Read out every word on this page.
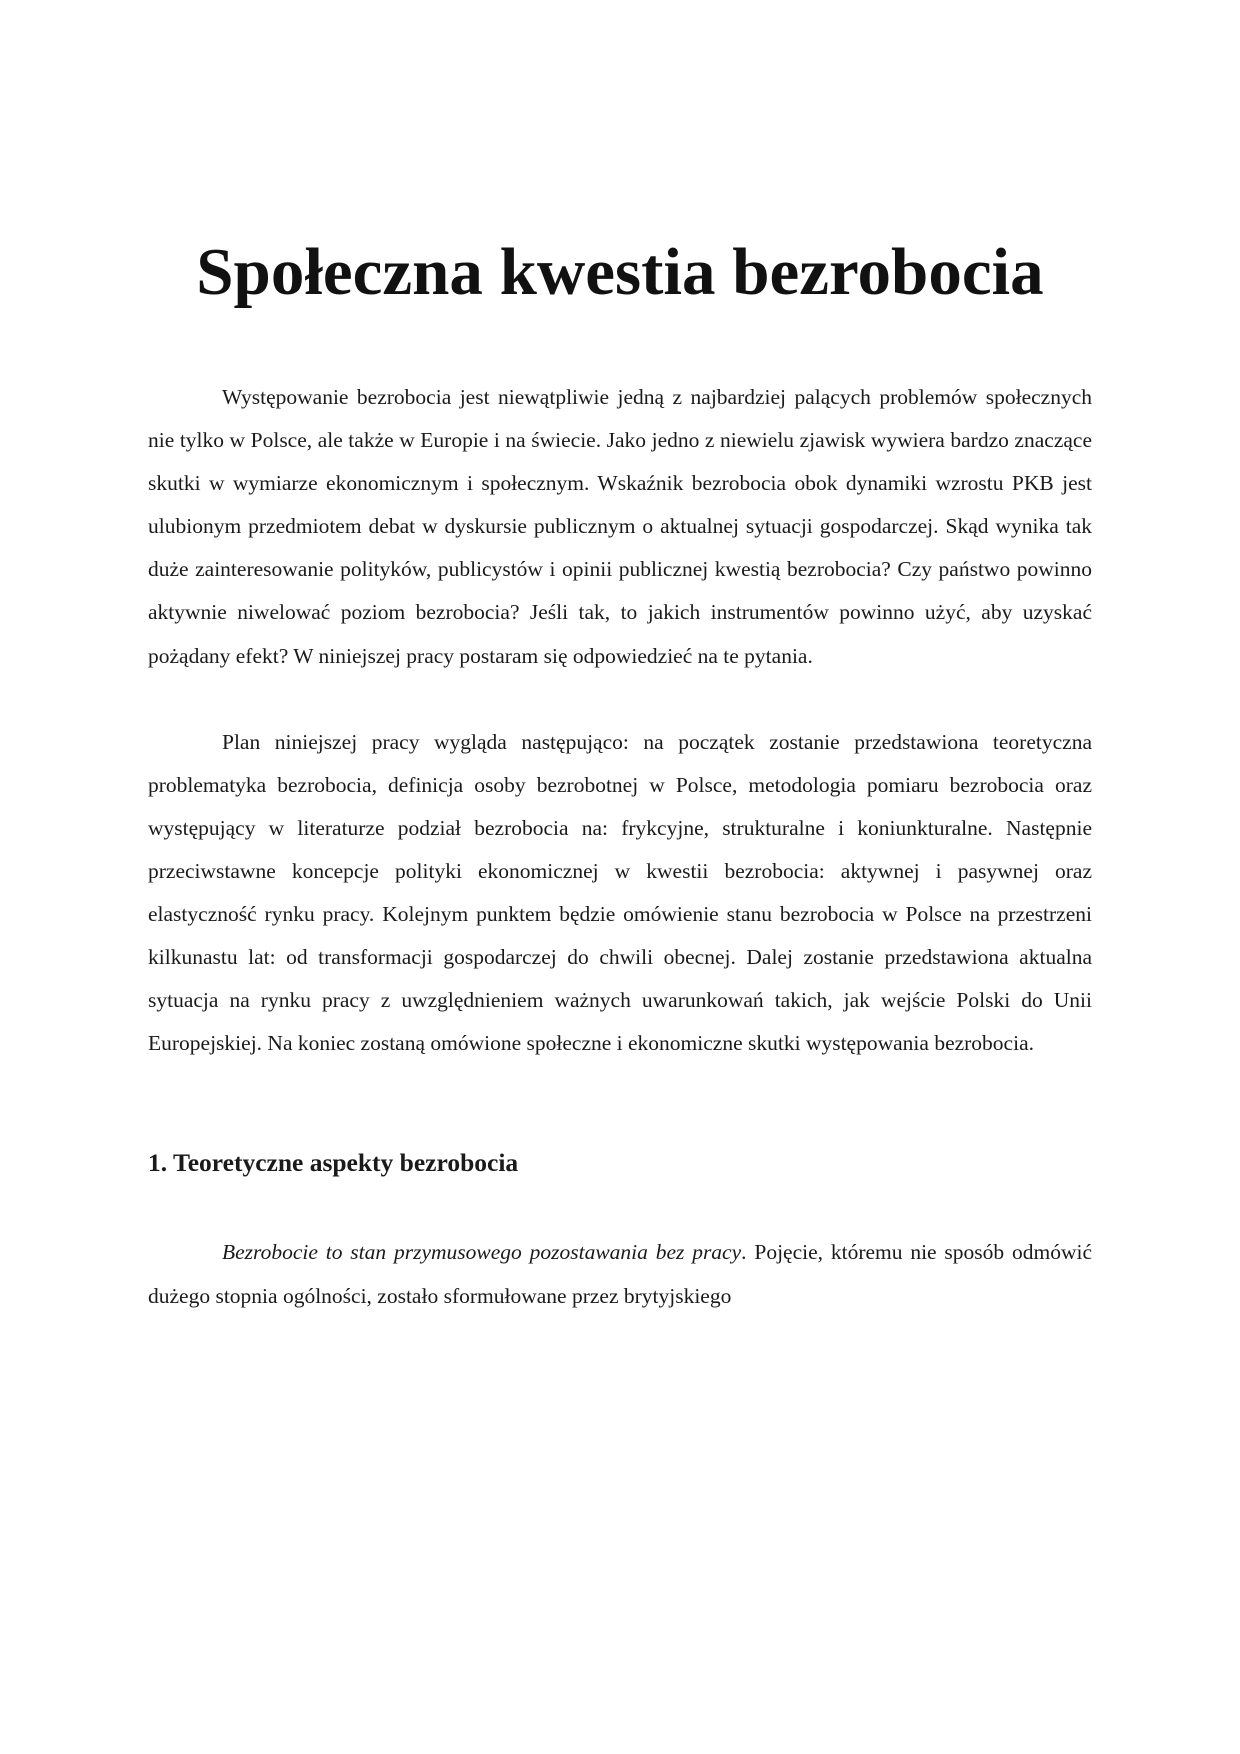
Społeczna kwestia bezrobocia

Występowanie bezrobocia jest niewątpliwie jedną z najbardziej palących problemów społecznych nie tylko w Polsce, ale także w Europie i na świecie. Jako jedno z niewielu zjawisk wywiera bardzo znaczące skutki w wymiarze ekonomicznym i społecznym. Wskaźnik bezrobocia obok dynamiki wzrostu PKB jest ulubionym przedmiotem debat w dyskursie publicznym o aktualnej sytuacji gospodarczej. Skąd wynika tak duże zainteresowanie polityków, publicystów i opinii publicznej kwestią bezrobocia? Czy państwo powinno aktywnie niwelować poziom bezrobocia? Jeśli tak, to jakich instrumentów powinno użyć, aby uzyskać pożądany efekt? W niniejszej pracy postaram się odpowiedzieć na te pytania.

Plan niniejszej pracy wygląda następująco: na początek zostanie przedstawiona teoretyczna problematyka bezrobocia, definicja osoby bezrobotnej w Polsce, metodologia pomiaru bezrobocia oraz występujący w literaturze podział bezrobocia na: frykcyjne, strukturalne i koniunkturalne. Następnie przeciwstawne koncepcje polityki ekonomicznej w kwestii bezrobocia: aktywnej i pasywnej oraz elastyczność rynku pracy. Kolejnym punktem będzie omówienie stanu bezrobocia w Polsce na przestrzeni kilkunastu lat: od transformacji gospodarczej do chwili obecnej. Dalej zostanie przedstawiona aktualna sytuacja na rynku pracy z uwzględnieniem ważnych uwarunkowań takich, jak wejście Polski do Unii Europejskiej. Na koniec zostaną omówione społeczne i ekonomiczne skutki występowania bezrobocia.

1. Teoretyczne aspekty bezrobocia

Bezrobocie to stan przymusowego pozostawania bez pracy. Pojęcie, któremu nie sposób odmówić dużego stopnia ogólności, zostało sformułowane przez brytyjskiego
